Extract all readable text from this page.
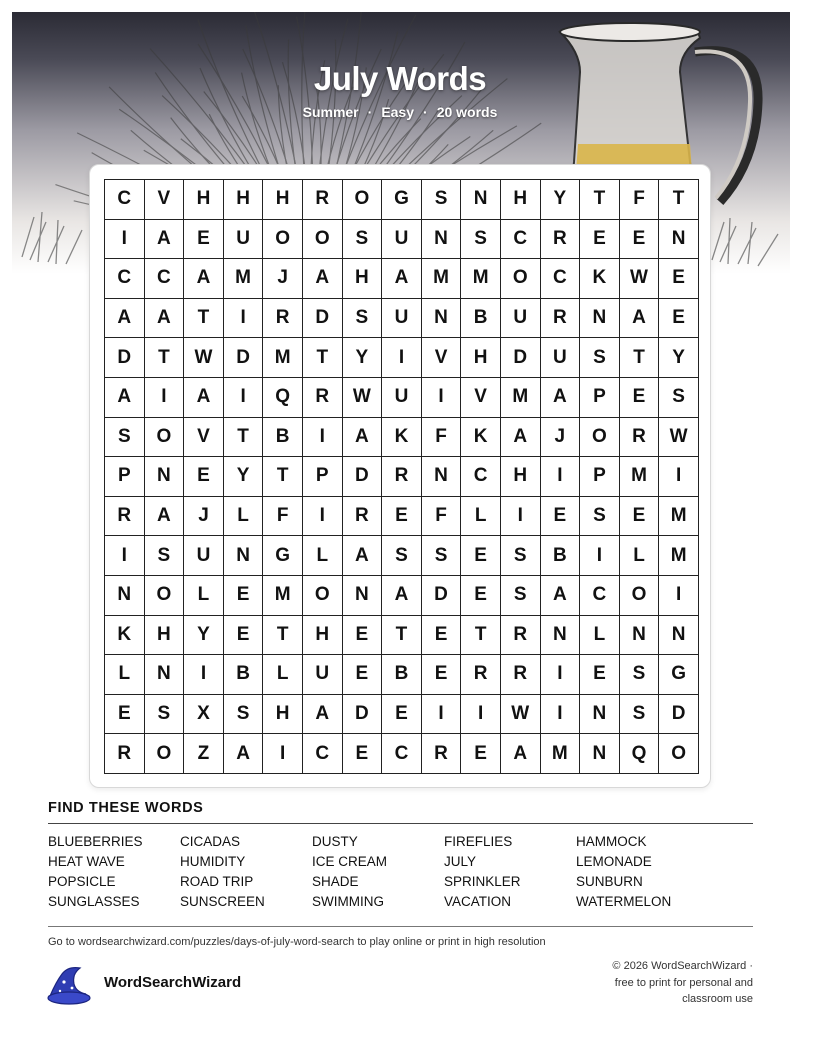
July Words
Summer · Easy · 20 words
C	V	H	H	H	R	O	G	S	N	H	Y	T	F	T
I	A	E	U	O	O	S	U	N	S	C	R	E	E	N
C	C	A	M	J	A	H	A	M	M	O	C	K	W	E
A	A	T	I	R	D	S	U	N	B	U	R	N	A	E
D	T	W	D	M	T	Y	I	V	H	D	U	S	T	Y
A	I	A	I	Q	R	W	U	I	V	M	A	P	E	S
S	O	V	T	B	I	A	K	F	K	A	J	O	R	W
P	N	E	Y	T	P	D	R	N	C	H	I	P	M	I
R	A	J	L	F	I	R	E	F	L	I	E	S	E	M
I	S	U	N	G	L	A	S	S	E	S	B	I	L	M
N	O	L	E	M	O	N	A	D	E	S	A	C	O	I
K	H	Y	E	T	H	E	T	E	T	R	N	L	N	N
L	N	I	B	L	U	E	B	E	R	R	I	E	S	G
E	S	X	S	H	A	D	E	I	I	W	I	N	S	D
R	O	Z	A	I	C	E	C	R	E	A	M	N	Q	O
FIND THESE WORDS
BLUEBERRIES	CICADAS	DUSTY	FIREFLIES	HAMMOCK
HEAT WAVE	HUMIDITY	ICE CREAM	JULY	LEMONADE
POPSICLE	ROAD TRIP	SHADE	SPRINKLER	SUNBURN
SUNGLASSES	SUNSCREEN	SWIMMING	VACATION	WATERMELON
Go to wordsearchwizard.com/puzzles/days-of-july-word-search to play online or print in high resolution
WordSearchWizard
© 2026 WordSearchWizard ·
free to print for personal and
classroom use
